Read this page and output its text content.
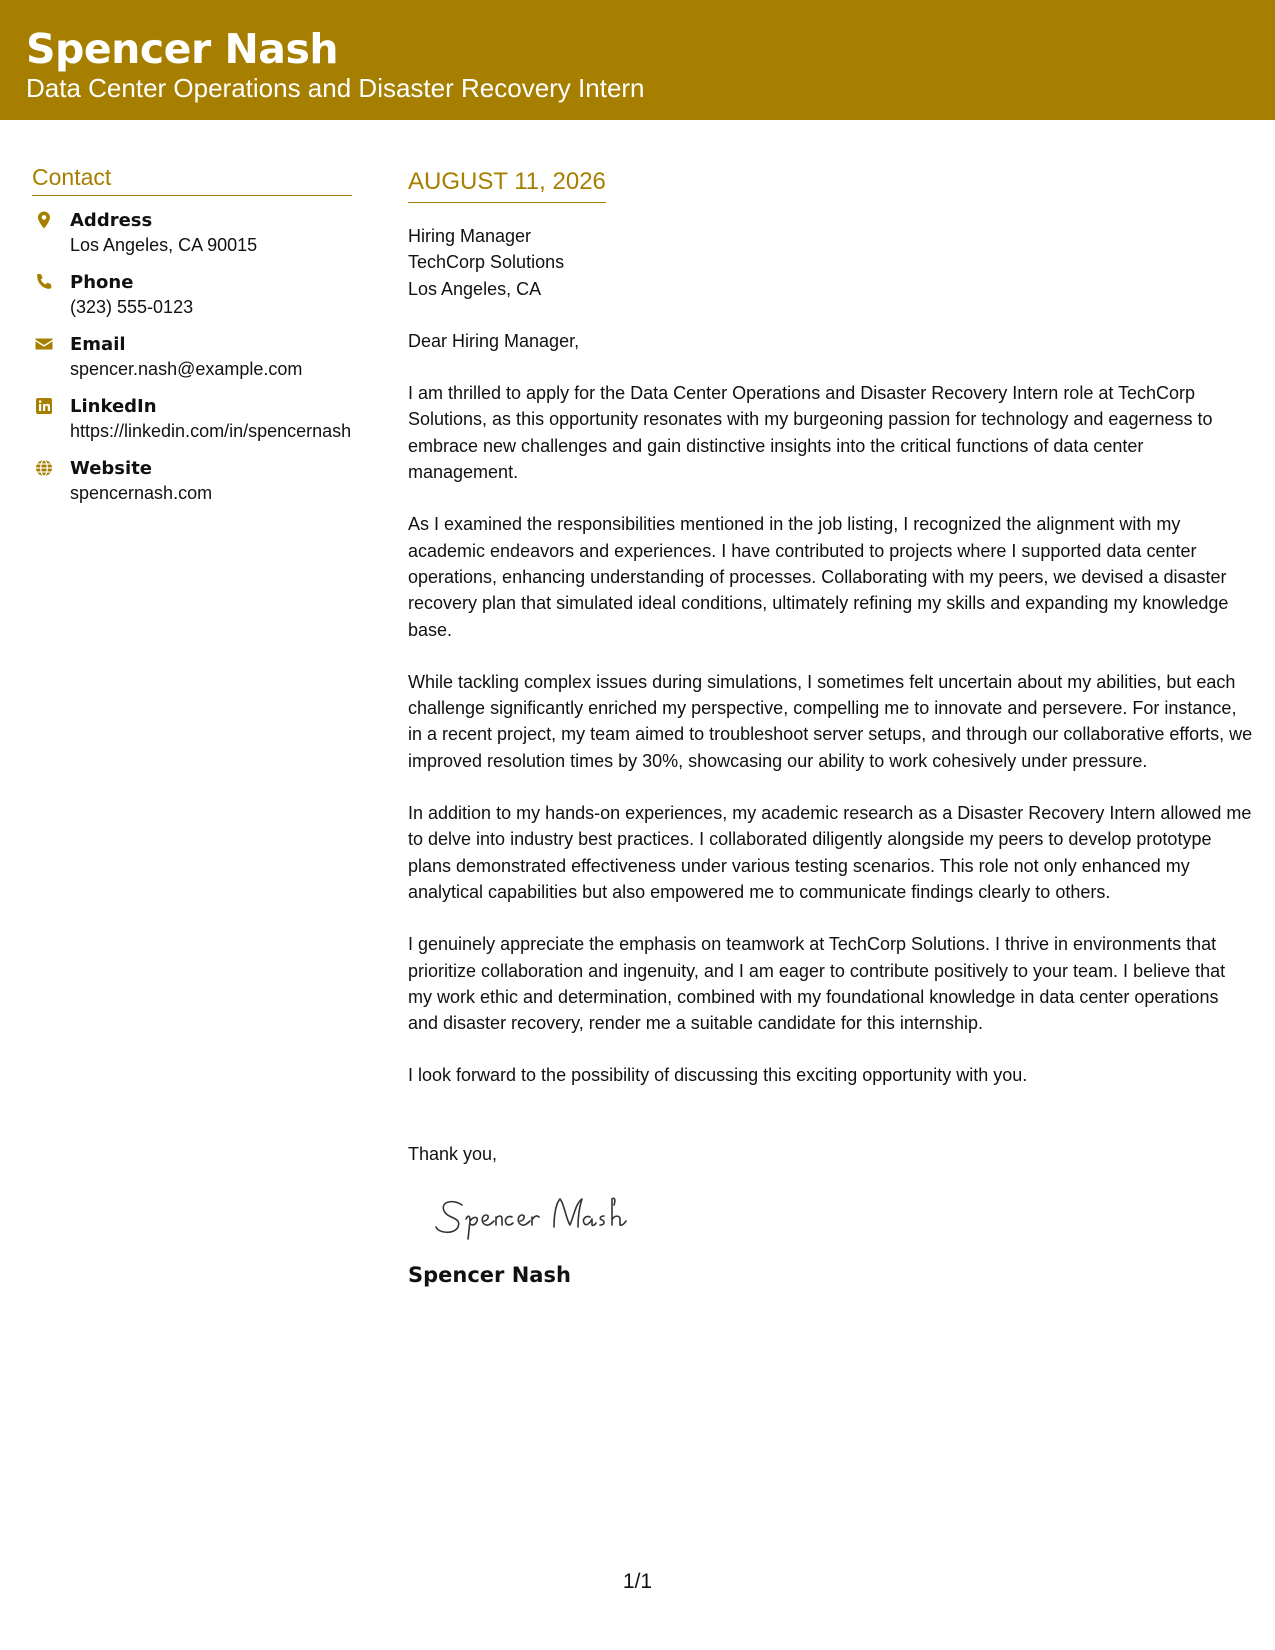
Spencer Nash
Data Center Operations and Disaster Recovery Intern
Contact
Address
Los Angeles, CA 90015
Phone
(323) 555-0123
Email
spencer.nash@example.com
LinkedIn
https://linkedin.com/in/spencernash
Website
spencernash.com
AUGUST 11, 2026

Hiring Manager

TechCorp Solutions

Los Angeles, CA

Dear Hiring Manager,

I am thrilled to apply for the Data Center Operations and Disaster Recovery Intern role at TechCorp Solutions, as this opportunity resonates with my burgeoning passion for technology and eagerness to embrace new challenges and gain distinctive insights into the critical functions of data center management.

As I examined the responsibilities mentioned in the job listing, I recognized the alignment with my academic endeavors and experiences. I have contributed to projects where I supported data center operations, enhancing understanding of processes. Collaborating with my peers, we devised a disaster recovery plan that simulated ideal conditions, ultimately refining my skills and expanding my knowledge base.

While tackling complex issues during simulations, I sometimes felt uncertain about my abilities, but each challenge significantly enriched my perspective, compelling me to innovate and persevere. For instance, in a recent project, my team aimed to troubleshoot server setups, and through our collaborative efforts, we improved resolution times by 30%, showcasing our ability to work cohesively under pressure.

In addition to my hands-on experiences, my academic research as a Disaster Recovery Intern allowed me to delve into industry best practices. I collaborated diligently alongside my peers to develop prototype plans demonstrated effectiveness under various testing scenarios. This role not only enhanced my analytical capabilities but also empowered me to communicate findings clearly to others.

I genuinely appreciate the emphasis on teamwork at TechCorp Solutions. I thrive in environments that prioritize collaboration and ingenuity, and I am eager to contribute positively to your team. I believe that my work ethic and determination, combined with my foundational knowledge in data center operations and disaster recovery, render me a suitable candidate for this internship.

I look forward to the possibility of discussing this exciting opportunity with you.

Thank you,

Spencer Nash
1/1
